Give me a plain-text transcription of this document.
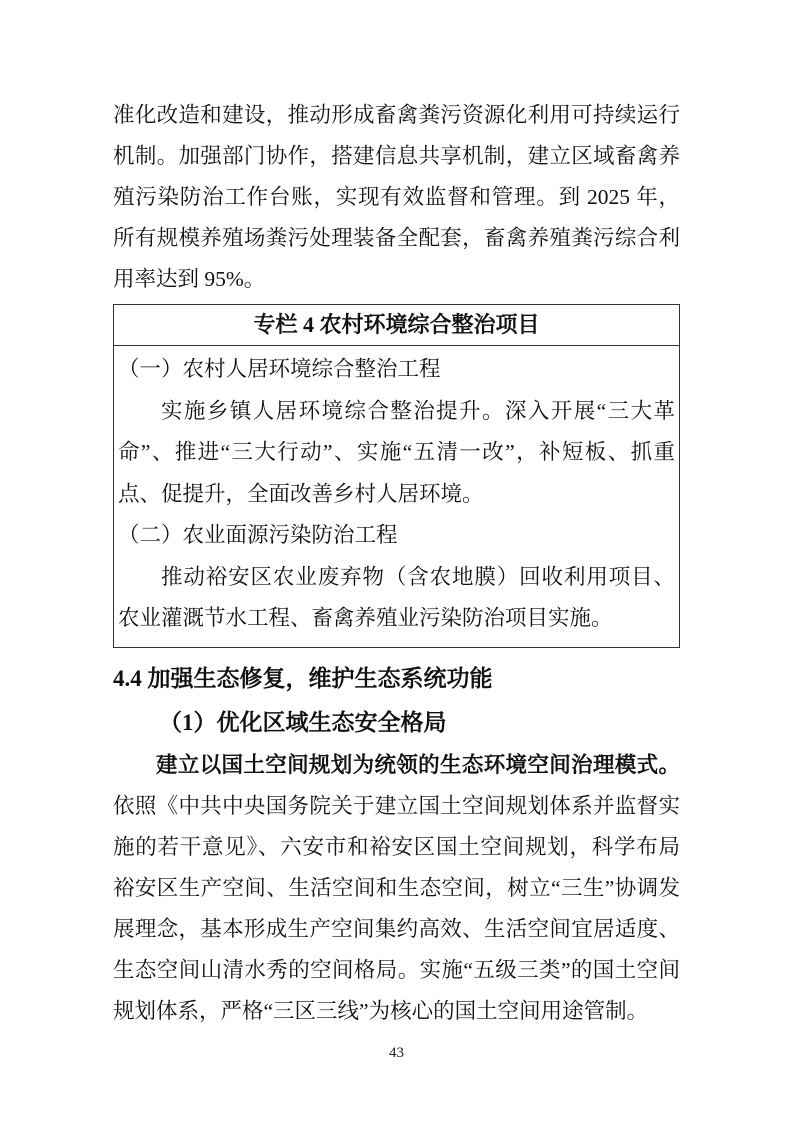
准化改造和建设，推动形成畜禽粪污资源化利用可持续运行机制。加强部门协作，搭建信息共享机制，建立区域畜禽养殖污染防治工作台账，实现有效监督和管理。到 2025 年，所有规模养殖场粪污处理装备全配套，畜禽养殖粪污综合利用率达到 95%。

专栏 4 农村环境综合整治项目

（一）农村人居环境综合整治工程

实施乡镇人居环境综合整治提升。深入开展“三大革命”、推进“三大行动”、实施“五清一改”，补短板、抓重点、促提升，全面改善乡村人居环境。

（二）农业面源污染防治工程

推动裕安区农业废弃物（含农地膜）回收利用项目、农业灌溉节水工程、畜禽养殖业污染防治项目实施。

4.4 加强生态修复，维护生态系统功能
（1）优化区域生态安全格局

建立以国土空间规划为统领的生态环境空间治理模式。依照《中共中央国务院关于建立国土空间规划体系并监督实施的若干意见》、六安市和裕安区国土空间规划，科学布局裕安区生产空间、生活空间和生态空间，树立“三生”协调发展理念，基本形成生产空间集约高效、生活空间宜居适度、生态空间山清水秀的空间格局。实施“五级三类”的国土空间规划体系，严格“三区三线”为核心的国土空间用途管制。

43
